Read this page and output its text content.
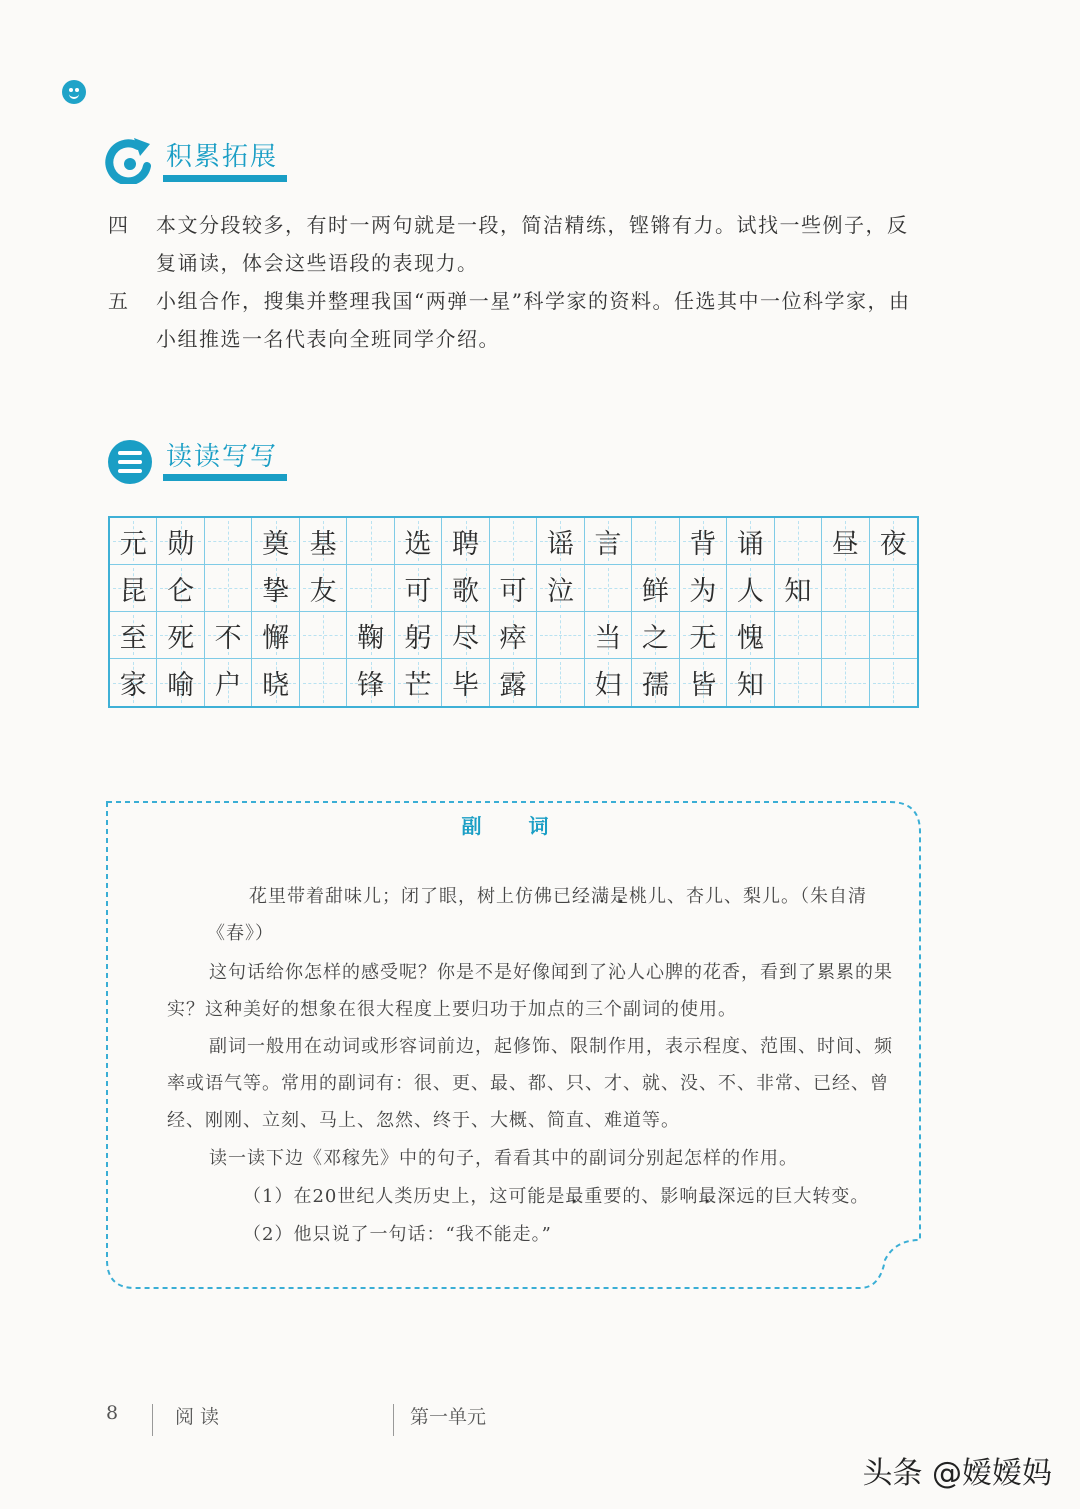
积累拓展
四 本文分段较多，有时一两句就是一段，简洁精练，铿锵有力。试找一些例子，反复诵读，体会这些语段的表现力。
五 小组合作，搜集并整理我国“两弹一星”科学家的资料。任选其中一位科学家，由小组推选一名代表向全班同学介绍。
读读写写
元 勋	奠 基	选 聘	谣 言	背 诵	昼 夜
昆 仑	挚 友	可 歌 可 泣	鲜 为 人 知
至 死 不 懈	鞠 躬 尽 瘁	当 之 无 愧
家 喻 户 晓	锋 芒 毕 露	妇 孺 皆 知
副 词
花里带着甜味儿；闭了眼，树上仿佛已经满是桃儿、杏儿、梨儿。（朱自清《春》）
这句话给你怎样的感受呢？你是不是好像闻到了沁人心脾的花香，看到了累累的果实？这种美好的想象在很大程度上要归功于加点的三个副词的使用。
副词一般用在动词或形容词前边，起修饰、限制作用，表示程度、范围、时间、频率或语气等。常用的副词有：很、更、最、都、只、才、就、没、不、非常、已经、曾经、刚刚、立刻、马上、忽然、终于、大概、简直、难道等。
读一读下边《邓稼先》中的句子，看看其中的副词分别起怎样的作用。
（1）在20世纪人类历史上，这可能是最重要的、影响最深远的巨大转变。
（2）他只说了一句话：“我不能走。”
8	阅 读	第一单元
头条 @嫒嫒妈
